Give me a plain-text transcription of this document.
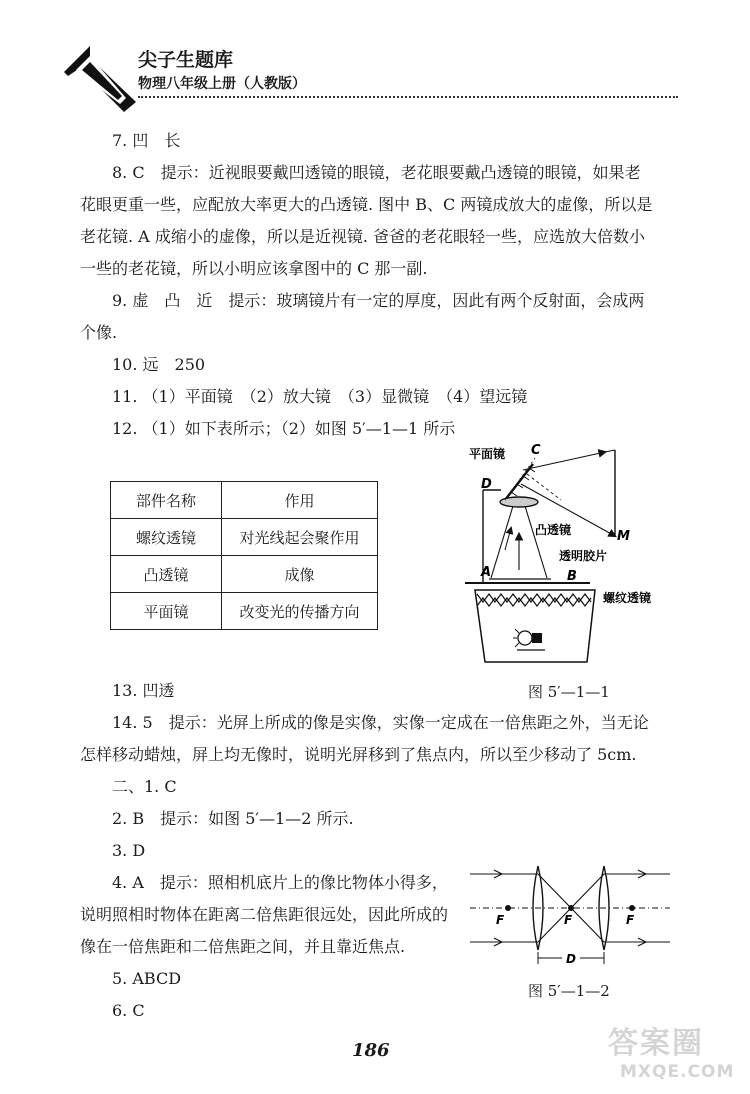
尖子生题库
物理八年级上册（人教版）
7. 凹　长
8. C　提示：近视眼要戴凹透镜的眼镜，老花眼要戴凸透镜的眼镜，如果老
花眼更重一些，应配放大率更大的凸透镜. 图中 B、C 两镜成放大的虚像，所以是
老花镜. A 成缩小的虚像，所以是近视镜. 爸爸的老花眼轻一些，应选放大倍数小
一些的老花镜，所以小明应该拿图中的 C 那一副.
9. 虚　凸　近　提示：玻璃镜片有一定的厚度，因此有两个反射面，会成两
个像.
10. 远　250
11. （1）平面镜　（2）放大镜　（3）显微镜　（4）望远镜
12. （1）如下表所示；（2）如图 5′—1—1 所示
部件名称	作用
螺纹透镜	对光线起会聚作用
凸透镜	成像
平面镜	改变光的传播方向
平面镜 C
D
凸透镜	M
透明胶片
A	B
螺纹透镜
13. 凹透	图 5′—1—1
14. 5　提示：光屏上所成的像是实像，实像一定成在一倍焦距之外，当无论
怎样移动蜡烛，屏上均无像时，说明光屏移到了焦点内，所以至少移动了 5cm.
二、1. C
2. B　提示：如图 5′—1—2 所示.
3. D
4. A　提示：照相机底片上的像比物体小得多，
说明照相时物体在距离二倍焦距很远处，因此所成的
像在一倍焦距和二倍焦距之间，并且靠近焦点.
5. ABCD
6. C
F	F	F
D
图 5′—1—2
186	答案圈
MXQE.COM
